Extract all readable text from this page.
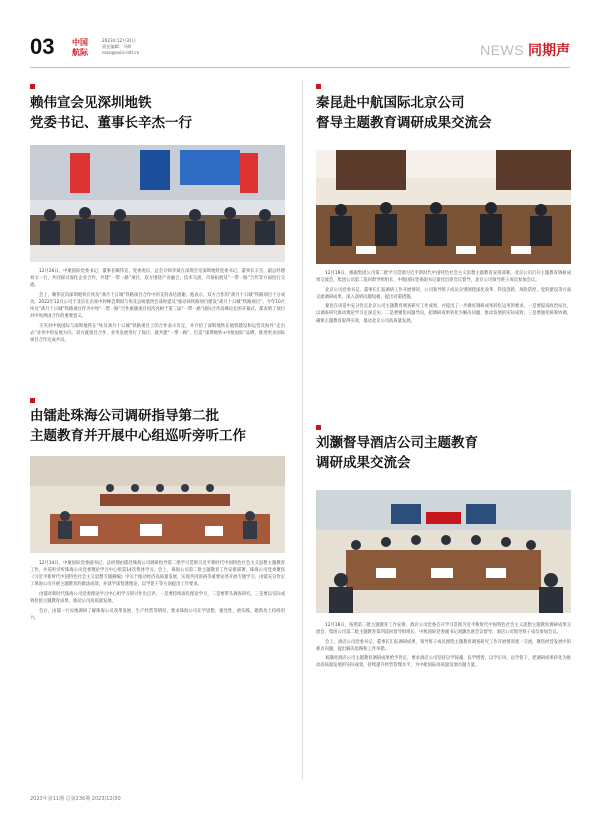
03 中国
航际
2023年12月31日
责任编辑：马辉
mac@aviic-intl.cn	NEWS 同期声
赖伟宣会见深圳地铁
党委书记、董事长辛杰一行

12月26日，中航国际党委书记、董事长赖伟宣，党委委员、总会计师李斌在深圳会见深圳地铁党委书记、董事长辛杰，副总经理刘文一行，共同探讨深化企业合作，共建“一带一路”项目，双方围绕产业融合、技术交流、市场拓展及“一带一路”合作等方面进行交流。

会上，赖伟宣向深圳地铁在埃及“斋月十日城”铁路项目合作中的支持表达感谢。他表示，双方合作的“斋月十日城”铁路项目十分成功。2022年12月公司于北京在出席中阿峰会期间与埃及总统塞西会谈时提及“推动该铁路项目建设“斋月十日城”铁路项目”。今年10月埃及“斋月十日城”铁路项目作为中埃“一带一路”合作旗舰项目再次亮相于第三届“一带一路”国际合作高峰论坛的开幕式，都表明了项目对中埃两国合作的重要意义。

辛杰对中航国际与深圳地铁在“埃及斋月十日城”铁路项目上的合作表示肯定，并介绍了深圳地铁在地铁建设和运营及海外“走出去”业务中的发展方向，双方就项目合作、业务发展进行了探讨，就共建“一带一路”，打造“深圳地铁+中航国际”品牌，推进更多国际项目合作达成共识。

由镭赴珠海公司调研指导第二批
主题教育并开展中心组巡听旁听工作

12月14日，中航国际党委副书记、总经理由镭赴珠海公司调研指导第二批学习贯彻习近平新时代中国特色社会主义思想主题教育工作，并巡听旁听珠海公司党委理论学习中心组第14次集体学习。会上，珠海公司第二批主题教育工作安排部署，珠海公司党委聚焦《习近平新时代中国特色社会主义思想专题摘编》中关于推动经济高质量发展、实现共同富裕等重要论述开展专题学习，由镭充分肯定了珠海公司开展主题教育的做法成效，并就学深悟透理论、以学促干等方面提出工作要求。

由镭对新时代珠海公司党委理论学习中心组学习研讨作出点评。一是要持续深化理论学习，二是要带头调查研究，三是要以实际成效检验主题教育成果，推动公司高质量发展。

会后，由镭一行实地调研了解珠海公司改革发展、生产经营等情况，要求珠海公司在学思想、强党性、重实践、建新功上持续用力。

秦昆赴中航国际北京公司
督导主题教育调研成果交流会

12月18日，根据集团公司第二批学习贯彻习近平新时代中国特色社会主义思想主题教育安排部署，北京公司召开主题教育调研成果交流会，集团公司第二巡回督导组组长、中航国际党委副书记秦昆出席会议督导，北京公司领导班子成员参加会议。

北京公司党委书记、董事长汇报调研工作开展情况，公司领导班子成员分别围绕深化改革、科技创新、风险防控、党的建设等方面交流调研成果，深入剖析问题短板，提出对策措施。

秦昆在讲话中充分肯定北京公司主题教育调查研究工作成果，并提出了一步做好调研成果转化运用的要求。一是要提高政治站位，以调查研究推动理论学习走深走实；二是要聚焦问题导向，把调研成果转化为解决问题、推动发展的实际成效；三是要强化统筹协调，确保主题教育取得实效，推动北京公司高质量发展。

刘灏督导酒店公司主题教育
调研成果交流会

12月18日，按照第二批主题教育工作安排，酒店公司党委召开学习贯彻习近平新时代中国特色社会主义思想主题教育调研成果交流会，集团公司第二批主题教育第四巡回督导组组长、中航国际党委副书记刘灏出席会议督导，酒店公司领导班子成员参加会议。

会上，酒店公司党委书记、董事长汇报调研成果，领导班子成员围绕主题教育调查研究工作开展情况逐一交流，聚焦经营发展中的难点问题，提出解决思路和工作举措。

刘灏对酒店公司主题教育调研成果给予肯定，要求酒店公司坚持以学铸魂、以学增智、以学正风、以学促干，把调研成果转化为推动高质量发展的实际成效，持续提升经营管理水平，为中航国际高质量发展贡献力量。

2023年第11期 总第236期 2023/12/30
